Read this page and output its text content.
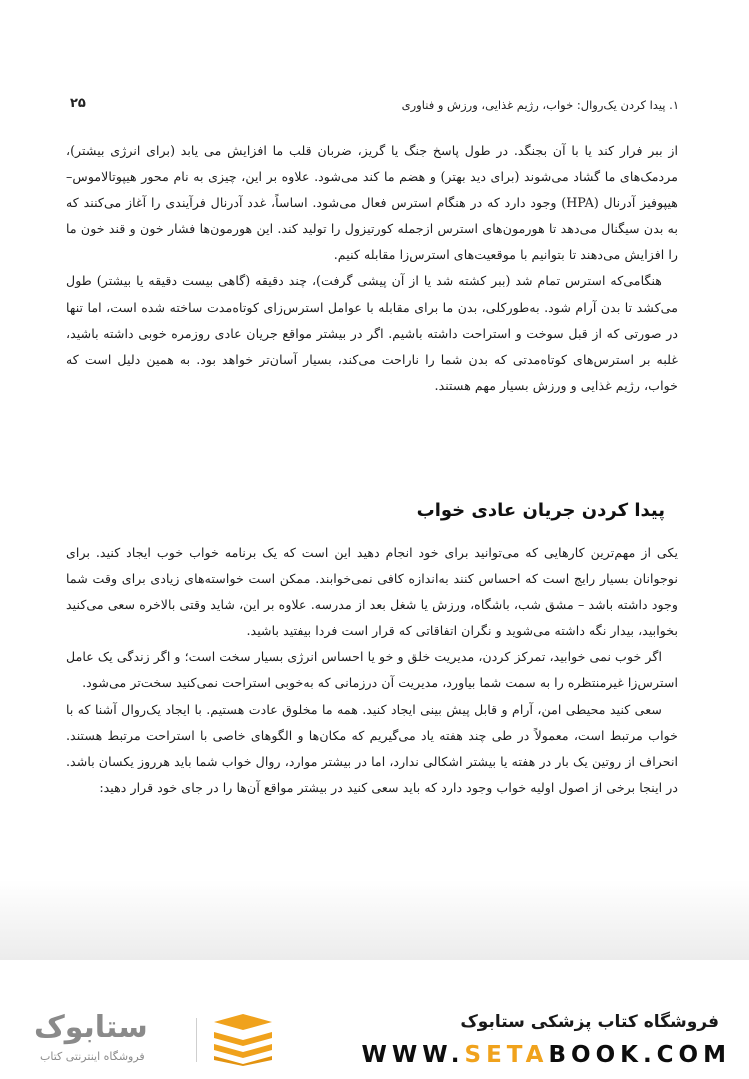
۱. پیدا کردن یک‌روال: خواب، رژیم غذایی، ورزش و فناوری
۲۵

از ببر فرار کند یا با آن بجنگد. در طول پاسخ جنگ یا گریز، ضربان قلب ما افزایش می یابد (برای انرژی بیشتر)، مردمک‌های ما گشاد می‌شوند (برای دید بهتر) و هضم ما کند می‌شود. علاوه بر این، چیزی به نام محور هیپوتالاموس–هیپوفیز آدرنال (HPA) وجود دارد که در هنگام استرس فعال می‌شود. اساساً، غدد آدرنال فرآیندی را آغاز می‌کنند که به بدن سیگنال می‌دهد تا هورمون‌های استرس ازجمله کورتیزول را تولید کند. این هورمون‌ها فشار خون و قند خون ما را افزایش می‌دهند تا بتوانیم با موقعیت‌های استرس‌زا مقابله کنیم.

هنگامی‌که استرس تمام شد (ببر کشته شد یا از آن پیشی گرفت)، چند دقیقه (گاهی بیست دقیقه یا بیشتر) طول می‌کشد تا بدن آرام شود. به‌طورکلی، بدن ما برای مقابله با عوامل استرس‌زای کوتاه‌مدت ساخته شده است، اما تنها در صورتی که از قبل سوخت و استراحت داشته باشیم. اگر در بیشتر مواقع جریان عادی روزمره خوبی داشته باشید، غلبه بر استرس‌های کوتاه‌مدتی که بدن شما را ناراحت می‌کند، بسیار آسان‌تر خواهد بود. به همین دلیل است که خواب، رژیم غذایی و ورزش بسیار مهم هستند.

پیدا کردن جریان عادی خواب

یکی از مهم‌ترین کارهایی که می‌توانید برای خود انجام دهید این است که یک برنامه خواب خوب ایجاد کنید. برای نوجوانان بسیار رایج است که احساس کنند به‌اندازه کافی نمی‌خوابند. ممکن است خواسته‌های زیادی برای وقت شما وجود داشته باشد – مشق شب، باشگاه، ورزش یا شغل بعد از مدرسه. علاوه بر این، شاید وقتی بالاخره سعی می‌کنید بخوابید، بیدار نگه داشته می‌شوید و نگران اتفاقاتی که قرار است فردا بیفتید باشید.

اگر خوب نمی خوابید، تمرکز کردن، مدیریت خلق و خو یا احساس انرژی بسیار سخت است؛ و اگر زندگی یک عامل استرس‌زا غیرمنتظره را به سمت شما بیاورد، مدیریت آن درزمانی که به‌خوبی استراحت نمی‌کنید سخت‌تر می‌شود.

سعی کنید محیطی امن، آرام و قابل پیش بینی ایجاد کنید. همه ما مخلوق عادت هستیم. با ایجاد یک‌روال آشنا که با خواب مرتبط است، معمولاً در طی چند هفته یاد می‌گیریم که مکان‌ها و الگوهای خاصی با استراحت مرتبط هستند. انحراف از روتین یک بار در هفته یا بیشتر اشکالی ندارد، اما در بیشتر موارد، روال خواب شما باید هرروز یکسان باشد. در اینجا برخی از اصول اولیه خواب وجود دارد که باید سعی کنید در بیشتر مواقع آن‌ها را در جای خود قرار دهید:

ستابوک
فروشگاه اینترنتی کتاب
فروشگاه کتاب پزشکی ستابوک
WWW.SETABOOK.COM
